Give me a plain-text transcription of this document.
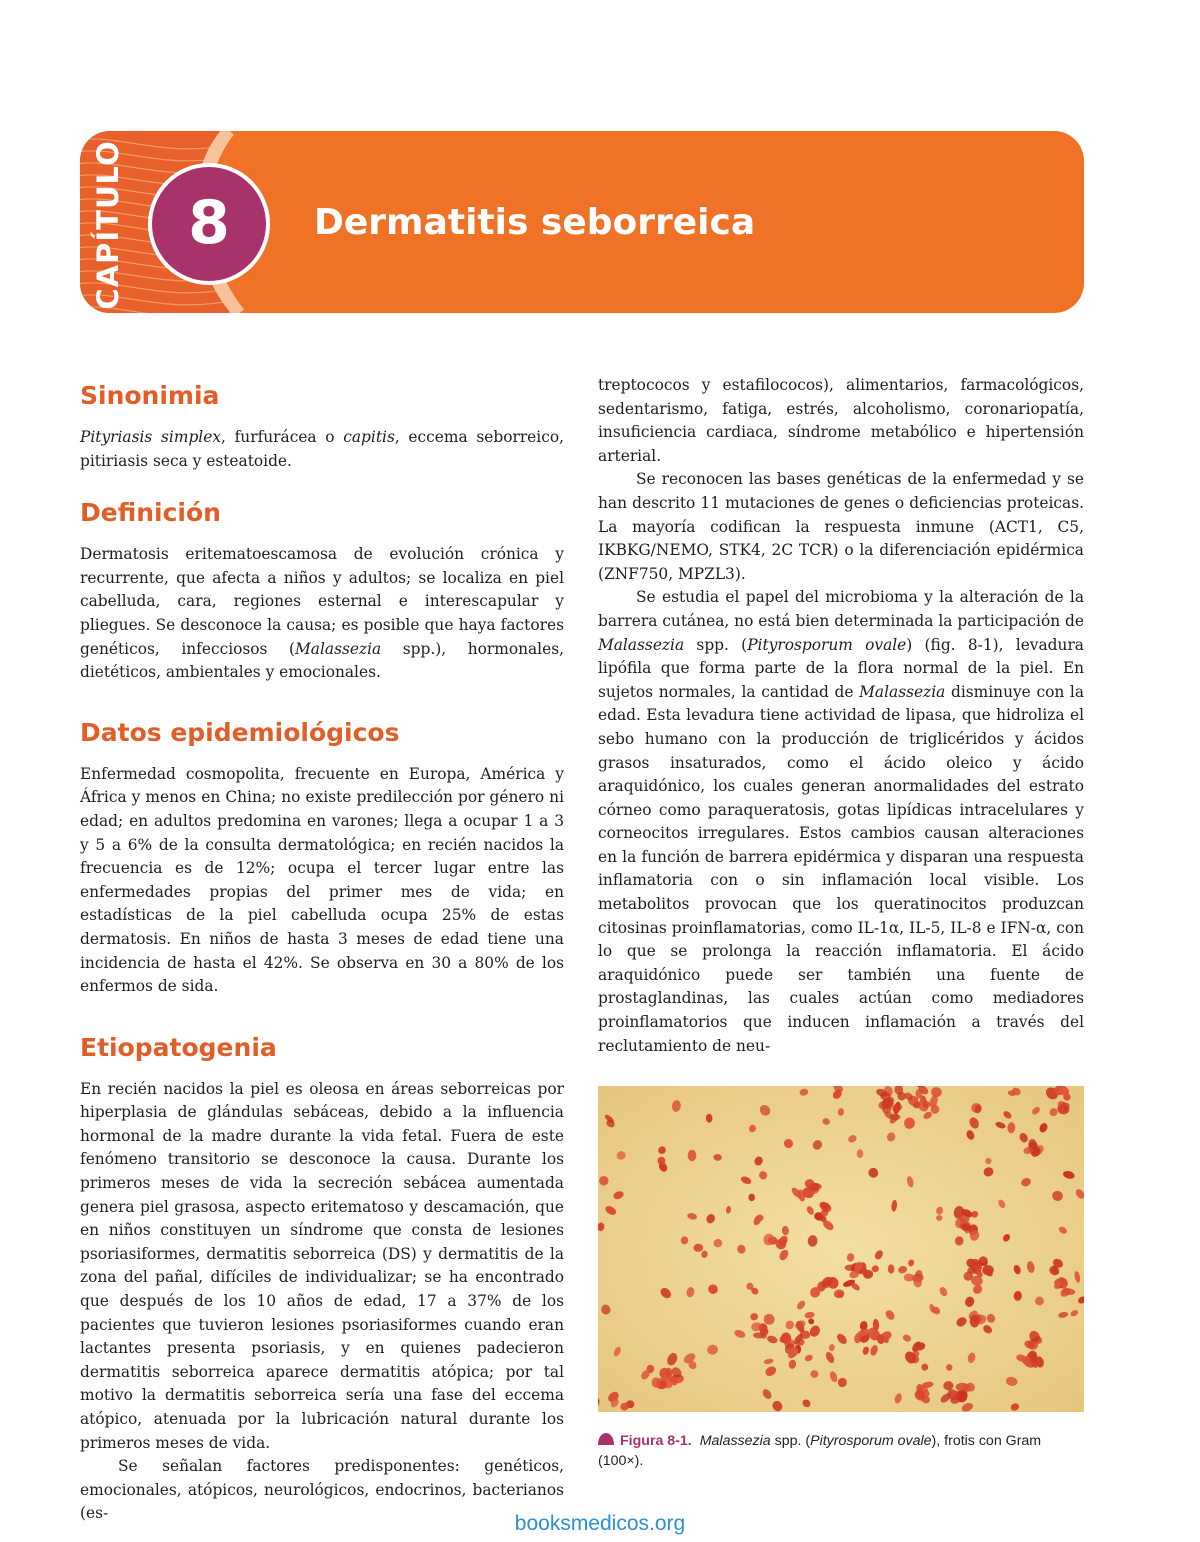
CAPÍTULO 8 Dermatitis seborreica
Sinonimia

Pityriasis simplex, furfurácea o capitis, eccema seborreico, pitiriasis seca y esteatoide.

Definición

Dermatosis eritematoescamosa de evolución crónica y recurrente, que afecta a niños y adultos; se localiza en piel cabelluda, cara, regiones esternal e interescapular y pliegues. Se desconoce la causa; es posible que haya factores genéticos, infecciosos (Malassezia spp.), hormonales, dietéticos, ambientales y emocionales.

Datos epidemiológicos

Enfermedad cosmopolita, frecuente en Europa, América y África y menos en China; no existe predilección por género ni edad; en adultos predomina en varones; llega a ocupar 1 a 3 y 5 a 6% de la consulta dermatológica; en recién nacidos la frecuencia es de 12%; ocupa el tercer lugar entre las enfermedades propias del primer mes de vida; en estadísticas de la piel cabelluda ocupa 25% de estas dermatosis. En niños de hasta 3 meses de edad tiene una incidencia de hasta el 42%. Se observa en 30 a 80% de los enfermos de sida.

Etiopatogenia

En recién nacidos la piel es oleosa en áreas seborreicas por hiperplasia de glándulas sebáceas, debido a la influencia hormonal de la madre durante la vida fetal. Fuera de este fenómeno transitorio se desconoce la causa. Durante los primeros meses de vida la secreción sebácea aumentada genera piel grasosa, aspecto eritematoso y descamación, que en niños constituyen un síndrome que consta de lesiones psoriasiformes, dermatitis seborreica (DS) y dermatitis de la zona del pañal, difíciles de individualizar; se ha encontrado que después de los 10 años de edad, 17 a 37% de los pacientes que tuvieron lesiones psoriasiformes cuando eran lactantes presenta psoriasis, y en quienes padecieron dermatitis seborreica aparece dermatitis atópica; por tal motivo la dermatitis seborreica sería una fase del eccema atópico, atenuada por la lubricación natural durante los primeros meses de vida.

Se señalan factores predisponentes: genéticos, emocionales, atópicos, neurológicos, endocrinos, bacterianos (es-

treptococos y estafilococos), alimentarios, farmacológicos, sedentarismo, fatiga, estrés, alcoholismo, coronariopatía, insuficiencia cardiaca, síndrome metabólico e hipertensión arterial.

Se reconocen las bases genéticas de la enfermedad y se han descrito 11 mutaciones de genes o deficiencias proteicas. La mayoría codifican la respuesta inmune (ACT1, C5, IKBKG/NEMO, STK4, 2C TCR) o la diferenciación epidérmica (ZNF750, MPZL3).

Se estudia el papel del microbioma y la alteración de la barrera cutánea, no está bien determinada la participación de Malassezia spp. (Pityrosporum ovale) (fig. 8-1), levadura lipófila que forma parte de la flora normal de la piel. En sujetos normales, la cantidad de Malassezia disminuye con la edad. Esta levadura tiene actividad de lipasa, que hidroliza el sebo humano con la producción de triglicéridos y ácidos grasos insaturados, como el ácido oleico y ácido araquidónico, los cuales generan anormalidades del estrato córneo como paraqueratosis, gotas lipídicas intracelulares y corneocitos irregulares. Estos cambios causan alteraciones en la función de barrera epidérmica y disparan una respuesta inflamatoria con o sin inflamación local visible. Los metabolitos provocan que los queratinocitos produzcan citosinas proinflamatorias, como IL-1α, IL-5, IL-8 e IFN-α, con lo que se prolonga la reacción inflamatoria. El ácido araquidónico puede ser también una fuente de prostaglandinas, las cuales actúan como mediadores proinflamatorios que inducen inflamación a través del reclutamiento de neu-

Figura 8-1. Malassezia spp. (Pityrosporum ovale), frotis con Gram (100×).
booksmedicos.org
